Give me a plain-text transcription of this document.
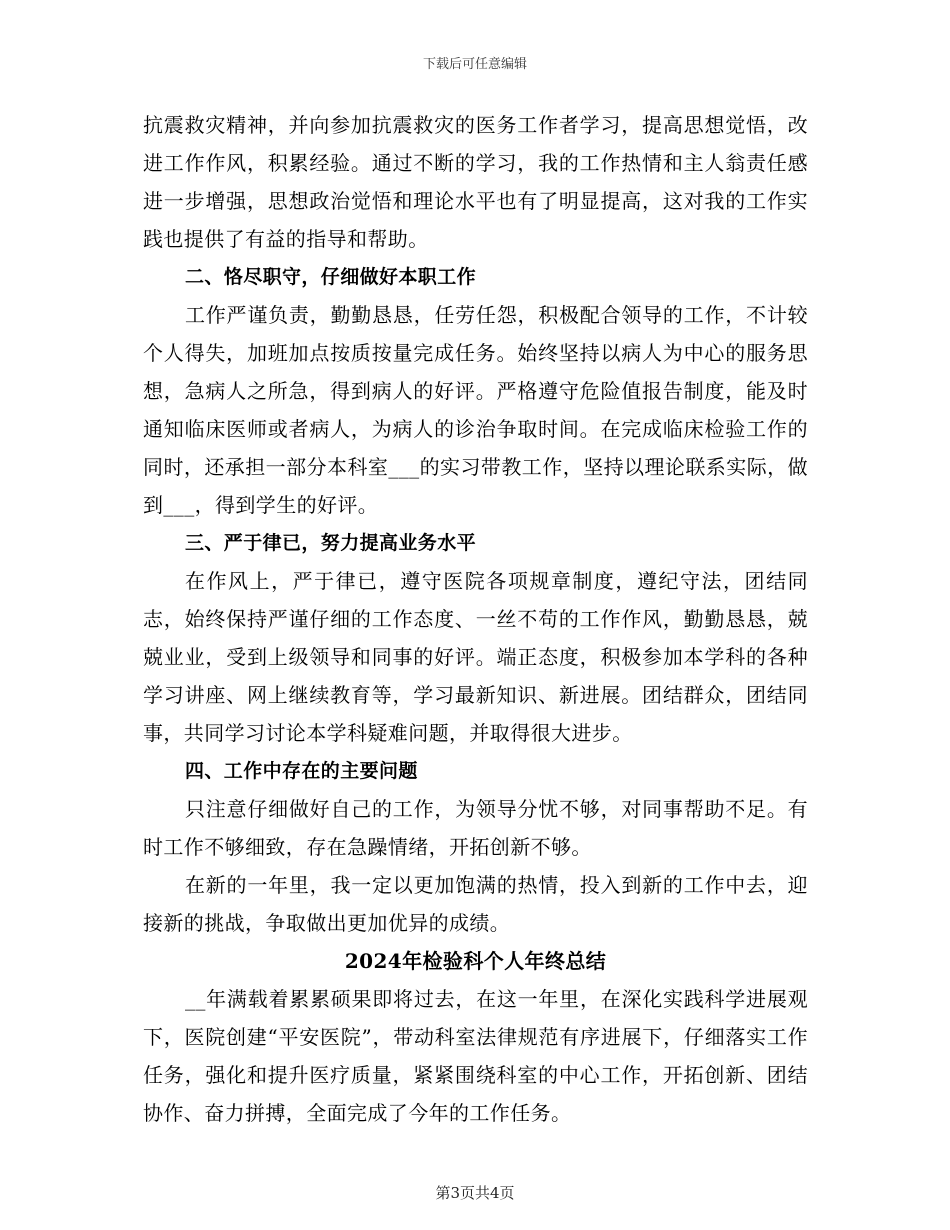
下载后可任意编辑

抗震救灾精神，并向参加抗震救灾的医务工作者学习，提高思想觉悟，改进工作作风，积累经验。通过不断的学习，我的工作热情和主人翁责任感进一步增强，思想政治觉悟和理论水平也有了明显提高，这对我的工作实践也提供了有益的指导和帮助。

二、恪尽职守，仔细做好本职工作

工作严谨负责，勤勤恳恳，任劳任怨，积极配合领导的工作，不计较个人得失，加班加点按质按量完成任务。始终坚持以病人为中心的服务思想，急病人之所急，得到病人的好评。严格遵守危险值报告制度，能及时通知临床医师或者病人，为病人的诊治争取时间。在完成临床检验工作的同时，还承担一部分本科室___的实习带教工作，坚持以理论联系实际，做到___，得到学生的好评。

三、严于律已，努力提高业务水平

在作风上，严于律已，遵守医院各项规章制度，遵纪守法，团结同志，始终保持严谨仔细的工作态度、一丝不苟的工作作风，勤勤恳恳，兢兢业业，受到上级领导和同事的好评。端正态度，积极参加本学科的各种学习讲座、网上继续教育等，学习最新知识、新进展。团结群众，团结同事，共同学习讨论本学科疑难问题，并取得很大进步。

四、工作中存在的主要问题

只注意仔细做好自己的工作，为领导分忧不够，对同事帮助不足。有时工作不够细致，存在急躁情绪，开拓创新不够。

在新的一年里，我一定以更加饱满的热情，投入到新的工作中去，迎接新的挑战，争取做出更加优异的成绩。

2024年检验科个人年终总结

__年满载着累累硕果即将过去，在这一年里，在深化实践科学进展观下，医院创建“平安医院”，带动科室法律规范有序进展下，仔细落实工作任务，强化和提升医疗质量，紧紧围绕科室的中心工作，开拓创新、团结协作、奋力拼搏，全面完成了今年的工作任务。

第3页共4页
